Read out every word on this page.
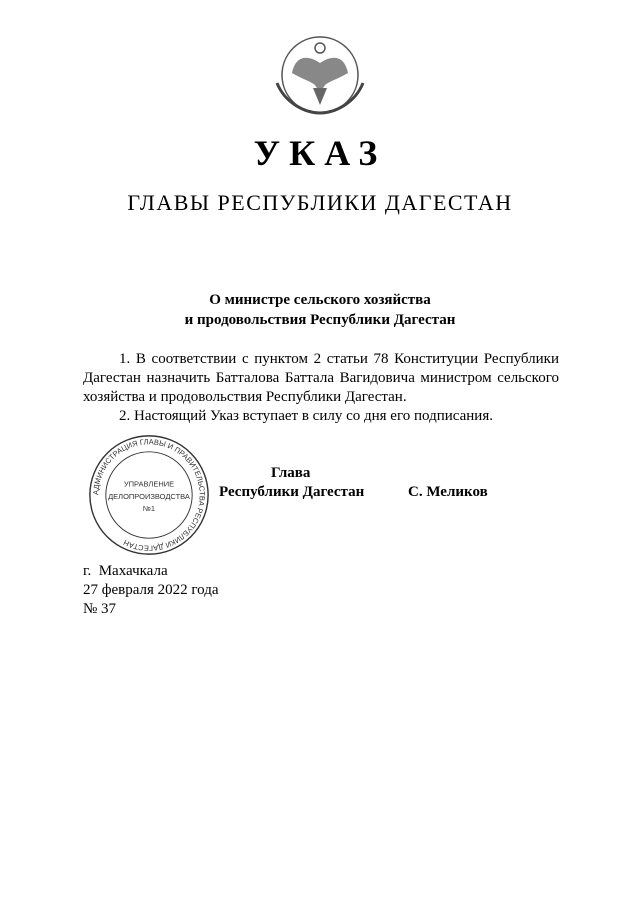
УКАЗ
ГЛАВЫ РЕСПУБЛИКИ ДАГЕСТАН
О министре сельского хозяйства
и продовольствия Республики Дагестан

1. В соответствии с пунктом 2 статьи 78 Конституции Республики Дагестан назначить Батталова Баттала Вагидовича министром сельского хозяйства и продовольствия Республики Дагестан.

2. Настоящий Указ вступает в силу со дня его подписания.

АДМИНИСТРАЦИЯ ГЛАВЫ И ПРАВИТЕЛЬСТВА РЕСПУБЛИКИ ДАГЕСТАН
УПРАВЛЕНИЕ
ДЕЛОПРОИЗВОДСТВА
№1
Глава
Республики Дагестан	С. Меликов
г.  Махачкала
27 февраля 2022 года
№ 37
